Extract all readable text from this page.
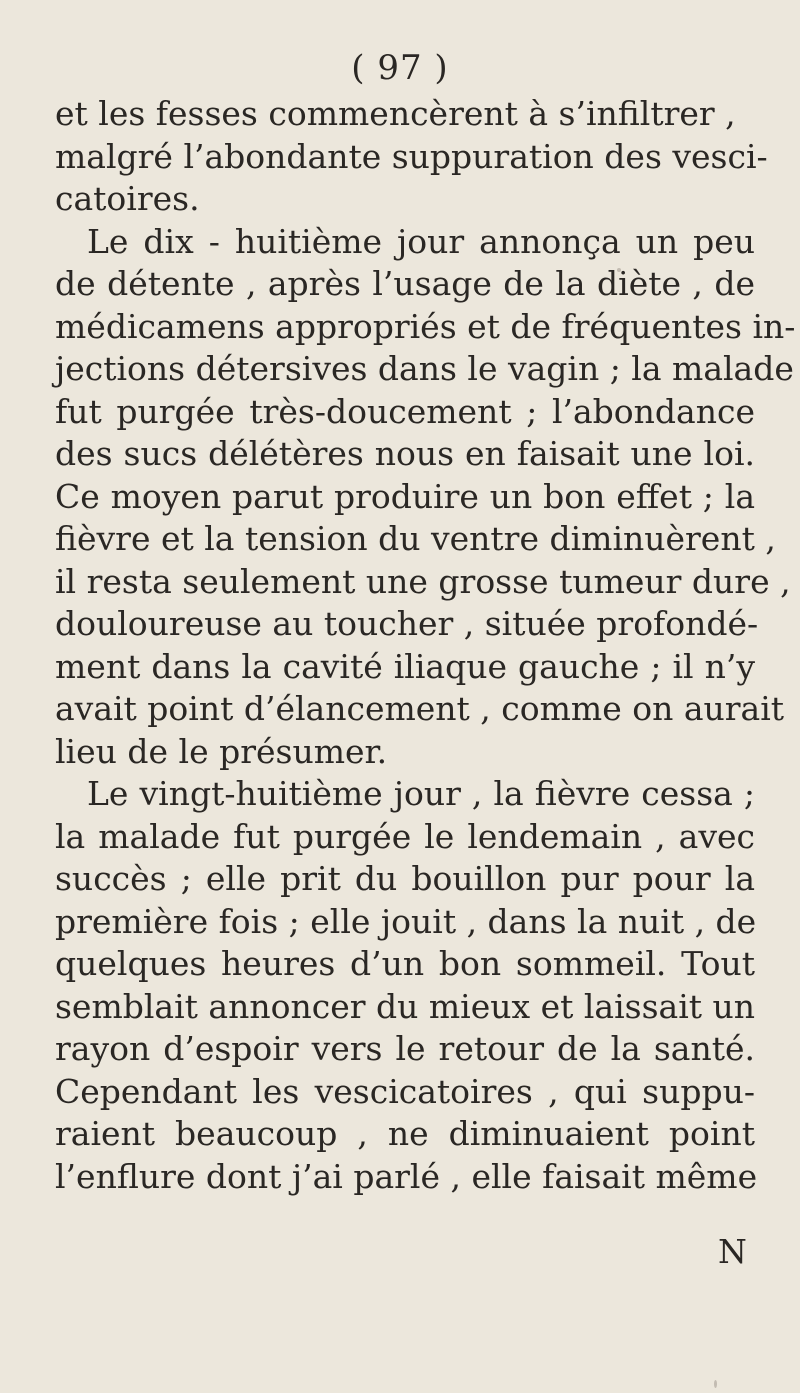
( 97 )
et les fesses commencèrent à s’infiltrer ,
malgré l’abondante suppuration des vesci-
catoires.
Le dix - huitième jour annonça un peu
de détente , après l’usage de la diète , de
médicamens appropriés et de fréquentes in-
jections détersives dans le vagin ; la malade
fut purgée très-doucement ; l’abondance
des sucs délétères nous en faisait une loi.
Ce moyen parut produire un bon effet ; la
fièvre et la tension du ventre diminuèrent ,
il resta seulement une grosse tumeur dure ,
douloureuse au toucher , située profondé-
ment dans la cavité iliaque gauche ; il n’y
avait point d’élancement , comme on aurait
lieu de le présumer.
Le vingt-huitième jour , la fièvre cessa ;
la malade fut purgée le lendemain , avec
succès ; elle prit du bouillon pur pour la
première fois ; elle jouit , dans la nuit , de
quelques heures d’un bon sommeil. Tout
semblait annoncer du mieux et laissait un
rayon d’espoir vers le retour de la santé.
Cependant les vescicatoires , qui suppu-
raient beaucoup , ne diminuaient point
l’enflure dont j’ai parlé , elle faisait même
N
